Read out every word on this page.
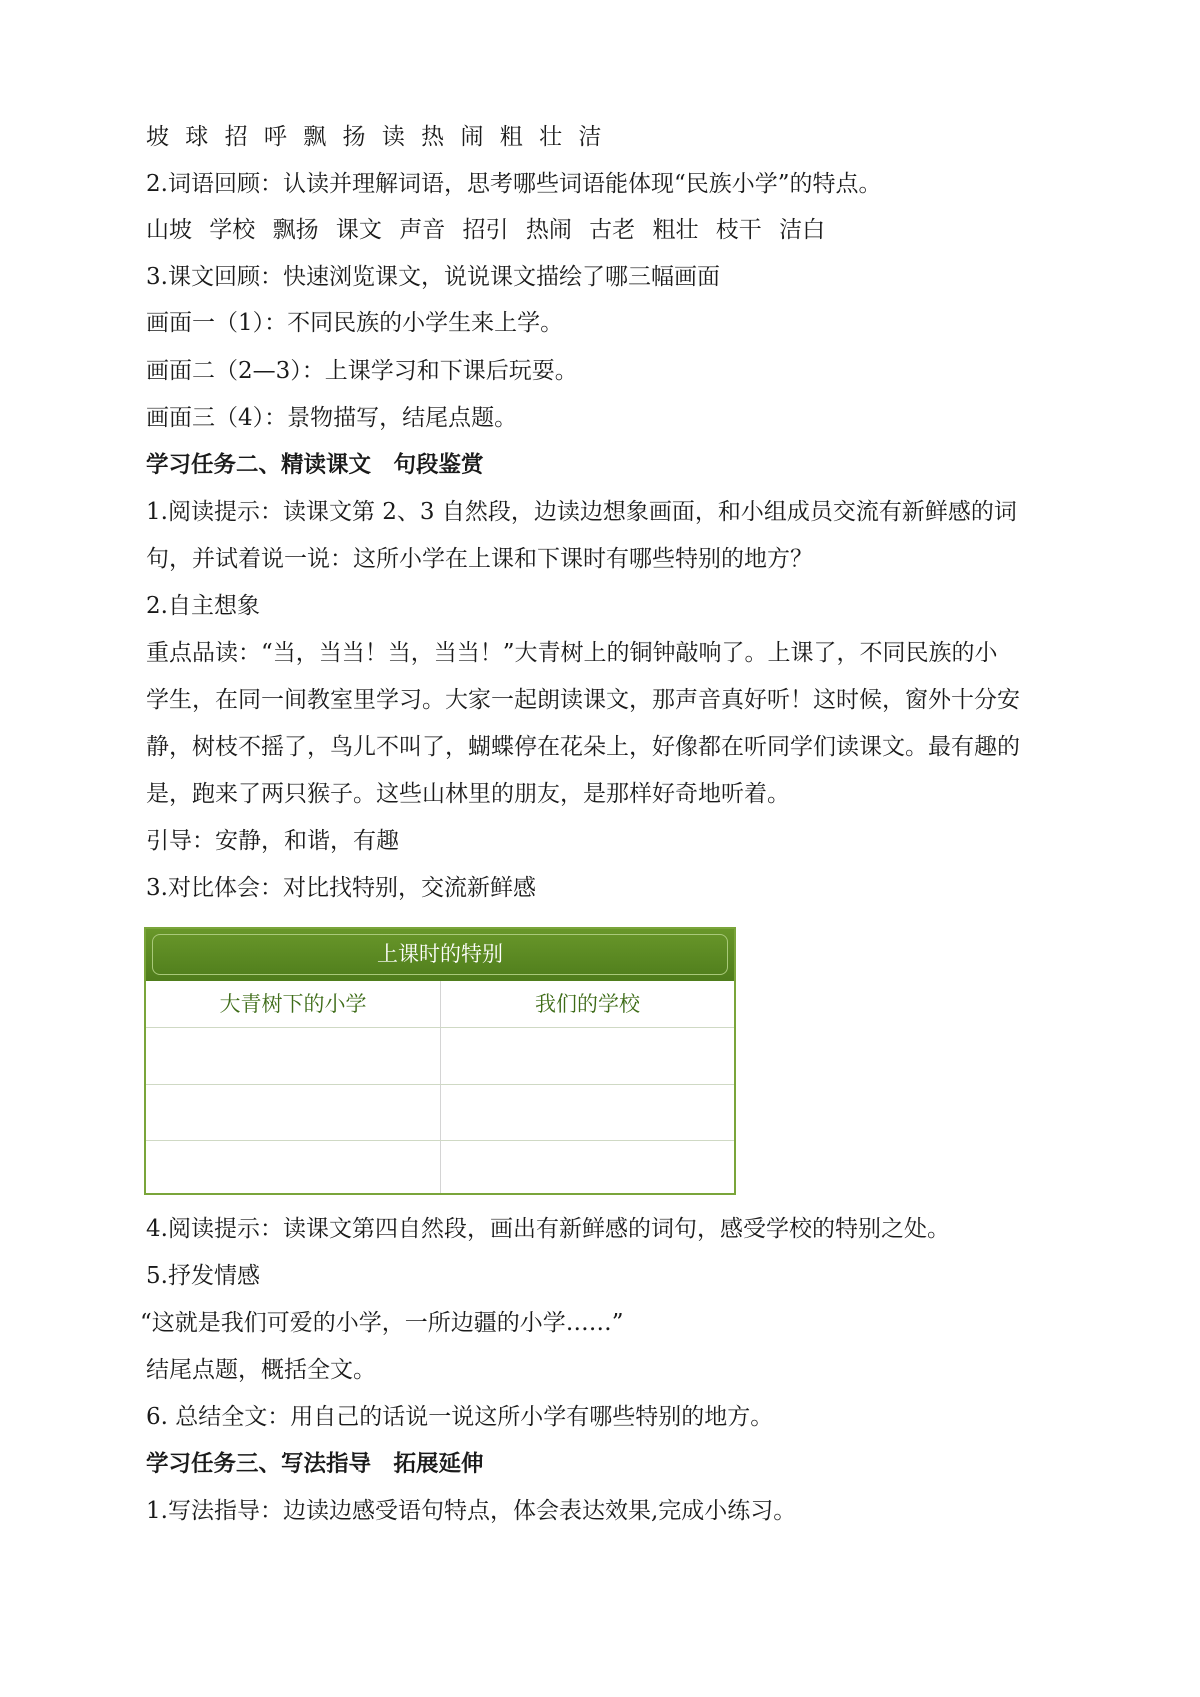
坡 球 招 呼 飘 扬 读 热 闹 粗 壮 洁

2.词语回顾：认读并理解词语，思考哪些词语能体现“民族小学”的特点。

山坡 学校 飘扬 课文 声音 招引 热闹 古老 粗壮 枝干 洁白

3.课文回顾：快速浏览课文，说说课文描绘了哪三幅画面

画面一（1）：不同民族的小学生来上学。

画面二（2—3）：上课学习和下课后玩耍。

画面三（4）：景物描写，结尾点题。

学习任务二、精读课文　句段鉴赏

1.阅读提示：读课文第 2、3 自然段，边读边想象画面，和小组成员交流有新鲜感的词

句，并试着说一说：这所小学在上课和下课时有哪些特别的地方？

2.自主想象

重点品读：“当，当当！当，当当！”大青树上的铜钟敲响了。上课了，不同民族的小

学生，在同一间教室里学习。大家一起朗读课文，那声音真好听！这时候，窗外十分安

静，树枝不摇了，鸟儿不叫了，蝴蝶停在花朵上，好像都在听同学们读课文。最有趣的

是，跑来了两只猴子。这些山林里的朋友，是那样好奇地听着。

引导：安静，和谐，有趣

3.对比体会：对比找特别，交流新鲜感

上课时的特别
大青树下的小学	我们的学校

4.阅读提示：读课文第四自然段，画出有新鲜感的词句，感受学校的特别之处。

5.抒发情感

“这就是我们可爱的小学，一所边疆的小学……”

结尾点题，概括全文。

6. 总结全文：用自己的话说一说这所小学有哪些特别的地方。

学习任务三、写法指导　拓展延伸

1.写法指导：边读边感受语句特点，体会表达效果,完成小练习。
